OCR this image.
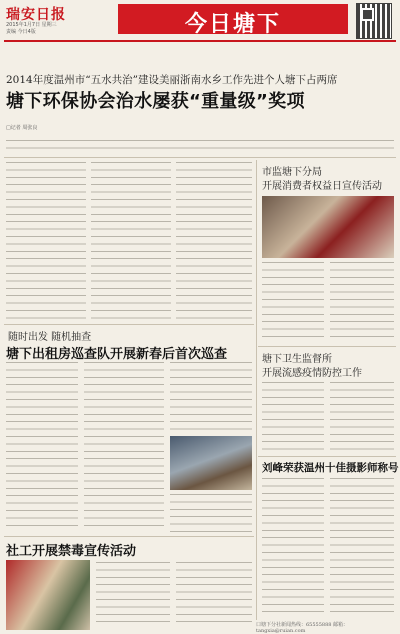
瑞安日报
2015年1月7日 星期三
责编 今日4版	今日塘下
2014年度温州市“五水共治”建设美丽浙南水乡工作先进个人塘下占两席
塘下环保协会治水屡获“重量级”奖项
□记者 周张良
市监塘下分局
开展消费者权益日宣传活动
随时出发 随机抽查
塘下出租房巡查队开展新春后首次巡查	塘下卫生监督所
开展流感疫情防控工作
刘峰荣获温州十佳摄影师称号
社工开展禁毒宣传活动
口塘下分社新闻热线：65555888 邮箱：tangxia@ruian.com
